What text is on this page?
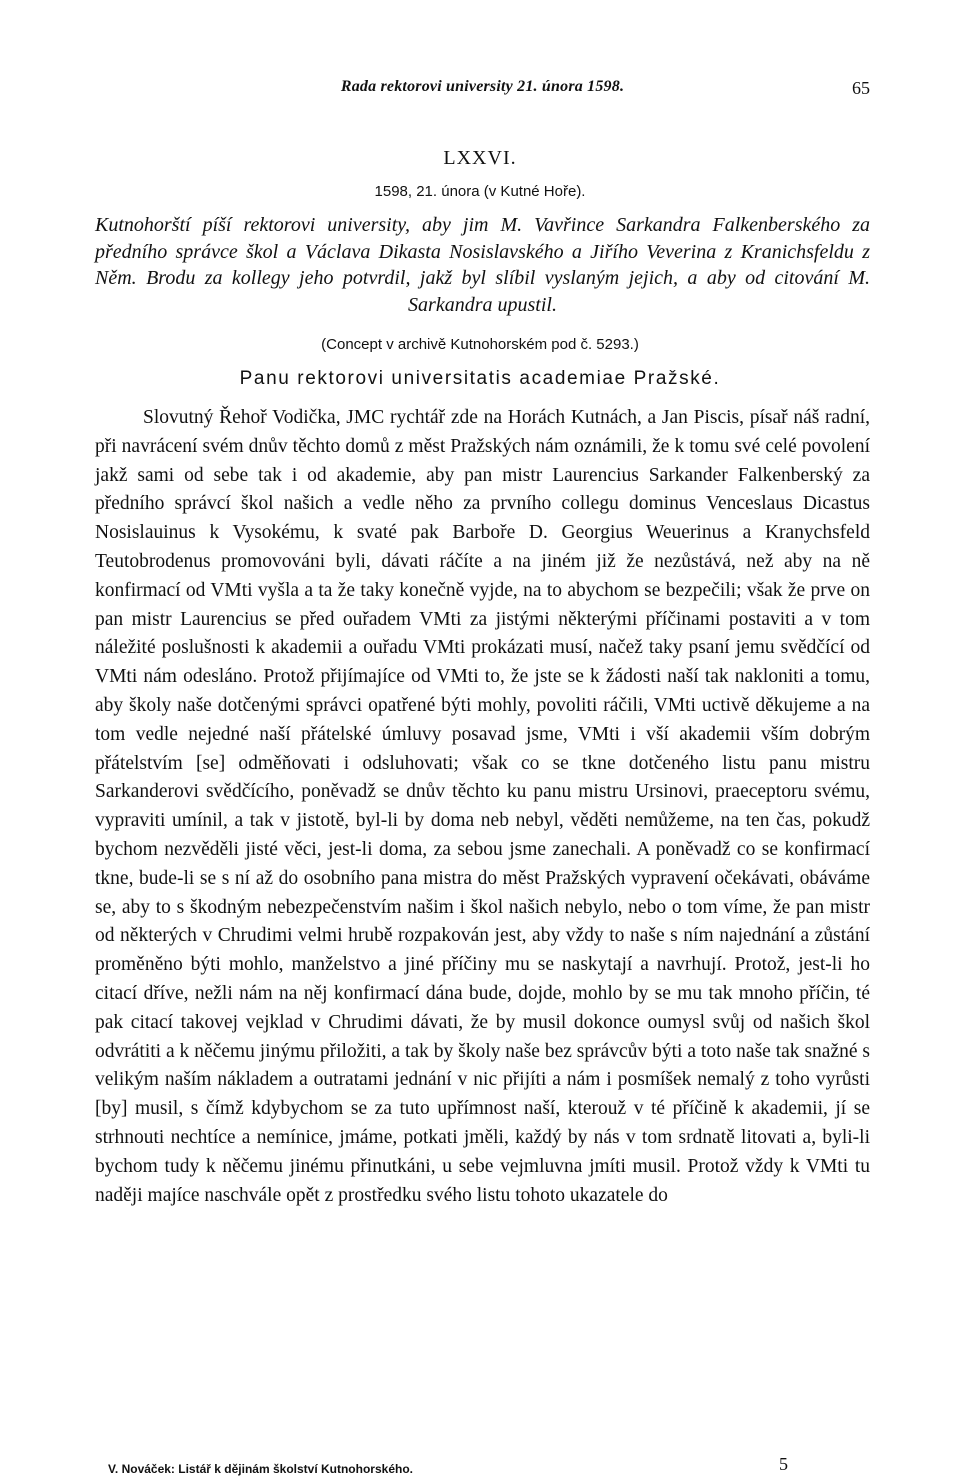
Rada rektorovi university 21. února 1598.	65
LXXVI.
1598, 21. února (v Kutné Hoře).
Kutnohorští píší rektorovi university, aby jim M. Vavřince Sarkandra Falkenberského za předního správce škol a Václava Dikasta Nosislavského a Jiřího Veverina z Kranichsfeldu z Něm. Brodu za kollegy jeho potvrdil, jakž byl slíbil vyslaným jejich, a aby od citování M. Sarkandra upustil.
(Concept v archivě Kutnohorském pod č. 5293.)
Panu rektorovi universitatis academiae Pražské.
Slovutný Řehoř Vodička, JMC rychtář zde na Horách Kutnách, a Jan Piscis, písař náš radní, při navrácení svém dnův těchto domů z měst Pražských nám oznámili, že k tomu své celé povolení jakž sami od sebe tak i od akademie, aby pan mistr Laurencius Sarkander Falkenberský za předního správcí škol našich a vedle něho za prvního collegu dominus Venceslaus Dicastus Nosislauinus k Vysokému, k svaté pak Barboře D. Georgius Weuerinus a Kranychsfeld Teutobrodenus promovováni byli, dávati ráčíte a na jiném již že nezůstává, než aby na ně konfirmací od VMti vyšla a ta že taky konečně vyjde, na to abychom se bezpečili; však že prve on pan mistr Laurencius se před ouřadem VMti za jistými některými příčinami postaviti a v tom náležité poslušnosti k akademii a ouřadu VMti prokázati musí, načež taky psaní jemu svědčící od VMti nám odesláno. Protož přijímajíce od VMti to, že jste se k žádosti naší tak nakloniti a tomu, aby školy naše dotčenými správci opatřené býti mohly, povoliti ráčili, VMti uctivě děkujeme a na tom vedle nejedné naší přátelské úmluvy posavad jsme, VMti i vší akademii vším dobrým přátelstvím [se] odměňovati i odsluhovati; však co se tkne dotčeného listu panu mistru Sarkanderovi svědčícího, poněvadž se dnův těchto ku panu mistru Ursinovi, praeceptoru svému, vypraviti umínil, a tak v jistotě, byl-li by doma neb nebyl, věděti nemůžeme, na ten čas, pokudž bychom nezvěděli jisté věci, jest-li doma, za sebou jsme zanechali. A poněvadž co se konfirmací tkne, bude-li se s ní až do osobního pana mistra do měst Pražských vypravení očekávati, obáváme se, aby to s škodným nebezpečenstvím našim i škol našich nebylo, nebo o tom víme, že pan mistr od některých v Chrudimi velmi hrubě rozpakován jest, aby vždy to naše s ním najednání a zůstání proměněno býti mohlo, manželstvo a jiné příčiny mu se naskytají a navrhují. Protož, jest-li ho citací dříve, nežli nám na něj konfirmací dána bude, dojde, mohlo by se mu tak mnoho příčin, té pak citací takovej vejklad v Chrudimi dávati, že by musil dokonce oumysl svůj od našich škol odvrátiti a k něčemu jinýmu přiložiti, a tak by školy naše bez správcův býti a toto naše tak snažné s velikým naším nákladem a outratami jednání v nic přijíti a nám i posmíšek nemalý z toho vyrůsti [by] musil, s čímž kdybychom se za tuto upřímnost naší, kterouž v té příčině k akademii, jí se strhnouti nechtíce a nemínice, jmáme, potkati jměli, každý by nás v tom srdnatě litovati a, byli-li bychom tudy k něčemu jinému přinutkáni, u sebe vejmluvna jmíti musil. Protož vždy k VMti tu naději majíce naschvále opět z prostředku svého listu tohoto ukazatele do
V. Nováček: Listář k dějinám školství Kutnohorského.	5
